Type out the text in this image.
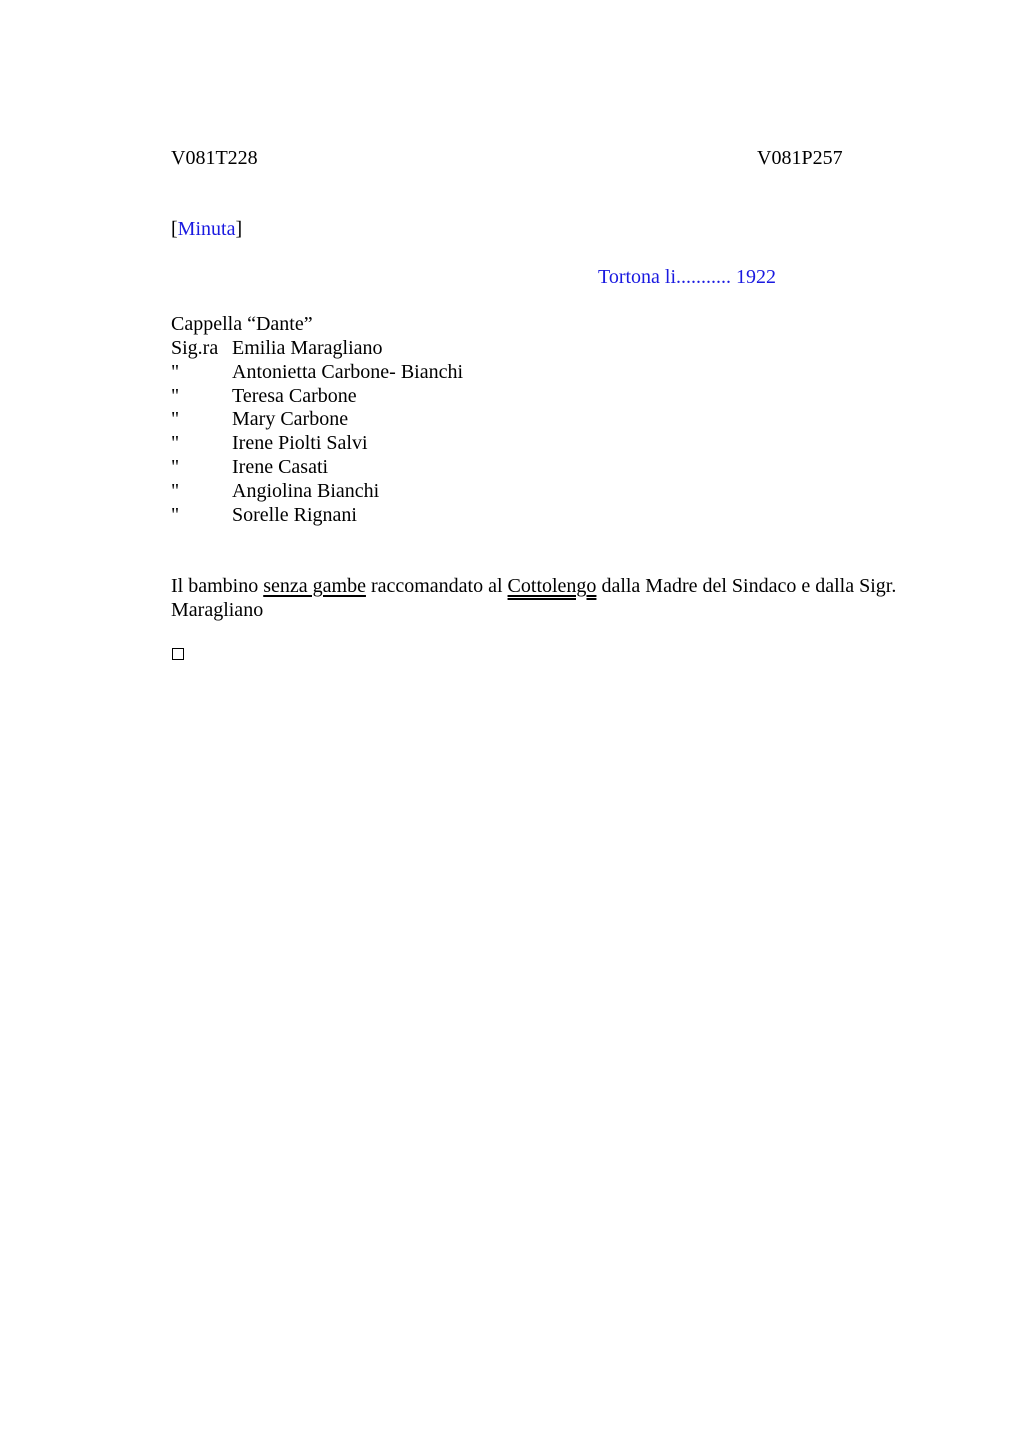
V081T228	V081P257
[Minuta]
Tortona li........... 1922
Cappella “Dante”
Sig.ra Emilia Maragliano
"	Antonietta Carbone- Bianchi
"	Teresa Carbone
"	Mary Carbone
"	Irene Piolti Salvi
"	Irene Casati
"	Angiolina Bianchi
"	Sorelle Rignani
Il bambino senza gambe raccomandato al Cottolengo dalla Madre del Sindaco e dalla Sigr. Maragliano
